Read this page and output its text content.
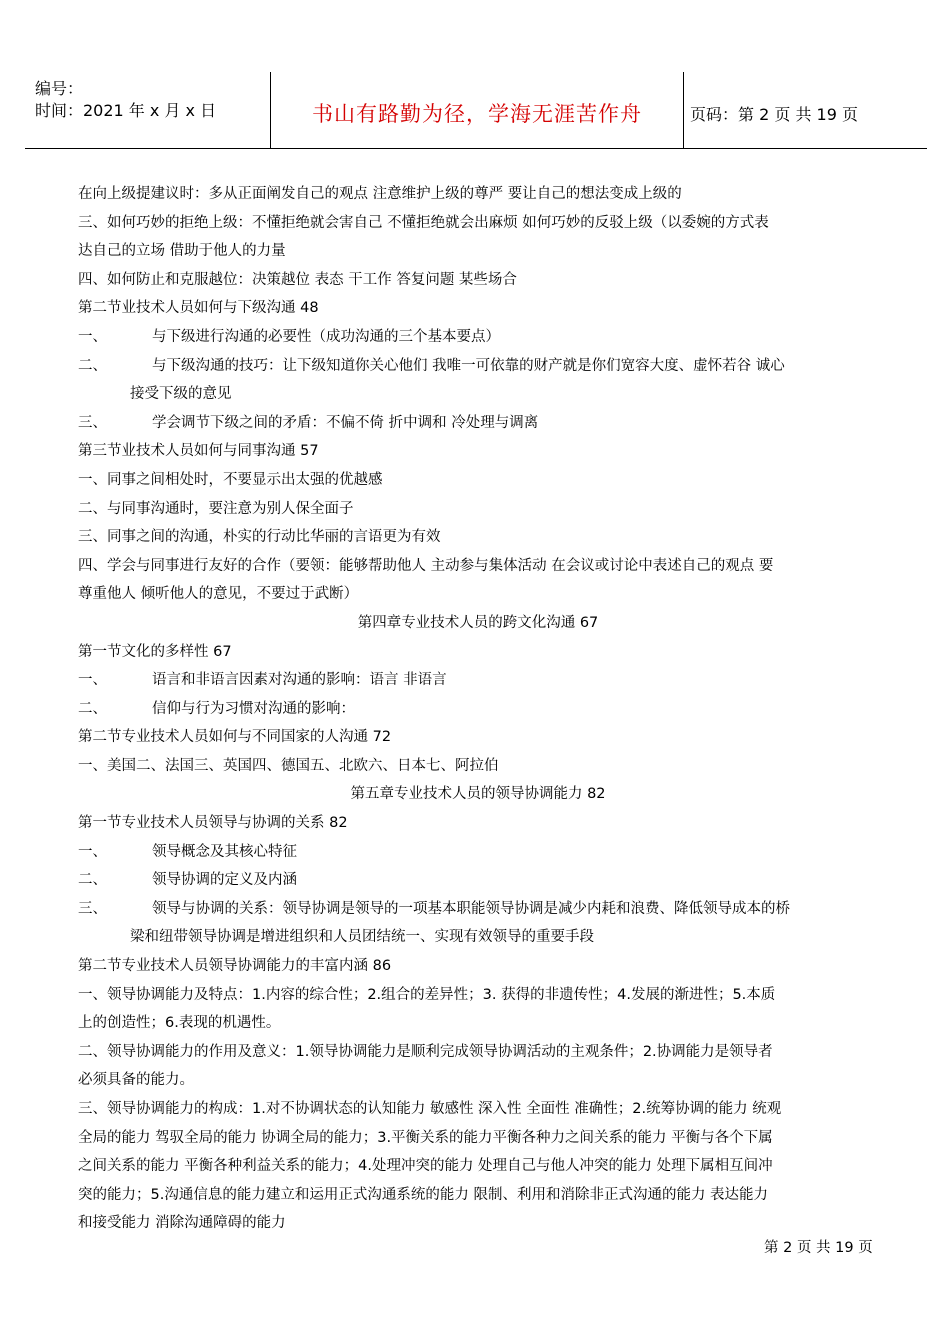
编号：
时间：2021 年 x 月 x 日	书山有路勤为径，学海无涯苦作舟	页码：第 2 页 共 19 页
在向上级提建议时：多从正面阐发自己的观点 注意维护上级的尊严 要让自己的想法变成上级的
三、如何巧妙的拒绝上级：不懂拒绝就会害自己 不懂拒绝就会出麻烦 如何巧妙的反驳上级（以委婉的方式表
达自己的立场 借助于他人的力量
四、如何防止和克服越位：决策越位 表态 干工作 答复问题 某些场合
第二节业技术人员如何与下级沟通 48
一、	与下级进行沟通的必要性（成功沟通的三个基本要点）
二、	与下级沟通的技巧：让下级知道你关心他们 我唯一可依靠的财产就是你们宽容大度、虚怀若谷 诚心
接受下级的意见
三、	学会调节下级之间的矛盾：不偏不倚 折中调和 冷处理与调离
第三节业技术人员如何与同事沟通 57
一、同事之间相处时，不要显示出太强的优越感
二、与同事沟通时，要注意为别人保全面子
三、同事之间的沟通，朴实的行动比华丽的言语更为有效
四、学会与同事进行友好的合作（要领：能够帮助他人 主动参与集体活动 在会议或讨论中表述自己的观点 要
尊重他人 倾听他人的意见，不要过于武断）
第四章专业技术人员的跨文化沟通 67
第一节文化的多样性 67
一、	语言和非语言因素对沟通的影响：语言 非语言
二、	信仰与行为习惯对沟通的影响：
第二节专业技术人员如何与不同国家的人沟通 72
一、美国二、法国三、英国四、德国五、北欧六、日本七、阿拉伯
第五章专业技术人员的领导协调能力 82
第一节专业技术人员领导与协调的关系 82
一、	领导概念及其核心特征
二、	领导协调的定义及内涵
三、	领导与协调的关系：领导协调是领导的一项基本职能领导协调是减少内耗和浪费、降低领导成本的桥
梁和纽带领导协调是增进组织和人员团结统一、实现有效领导的重要手段
第二节专业技术人员领导协调能力的丰富内涵 86
一、领导协调能力及特点：1.内容的综合性；2.组合的差异性；3. 获得的非遗传性；4.发展的渐进性；5.本质
上的创造性；6.表现的机遇性。
二、领导协调能力的作用及意义：1.领导协调能力是顺利完成领导协调活动的主观条件；2.协调能力是领导者
必须具备的能力。
三、领导协调能力的构成：1.对不协调状态的认知能力 敏感性 深入性 全面性 准确性；2.统筹协调的能力 统观
全局的能力 驾驭全局的能力 协调全局的能力；3.平衡关系的能力平衡各种力之间关系的能力 平衡与各个下属
之间关系的能力 平衡各种利益关系的能力；4.处理冲突的能力 处理自己与他人冲突的能力 处理下属相互间冲
突的能力；5.沟通信息的能力建立和运用正式沟通系统的能力 限制、利用和消除非正式沟通的能力 表达能力
和接受能力 消除沟通障碍的能力
第 2 页 共 19 页
